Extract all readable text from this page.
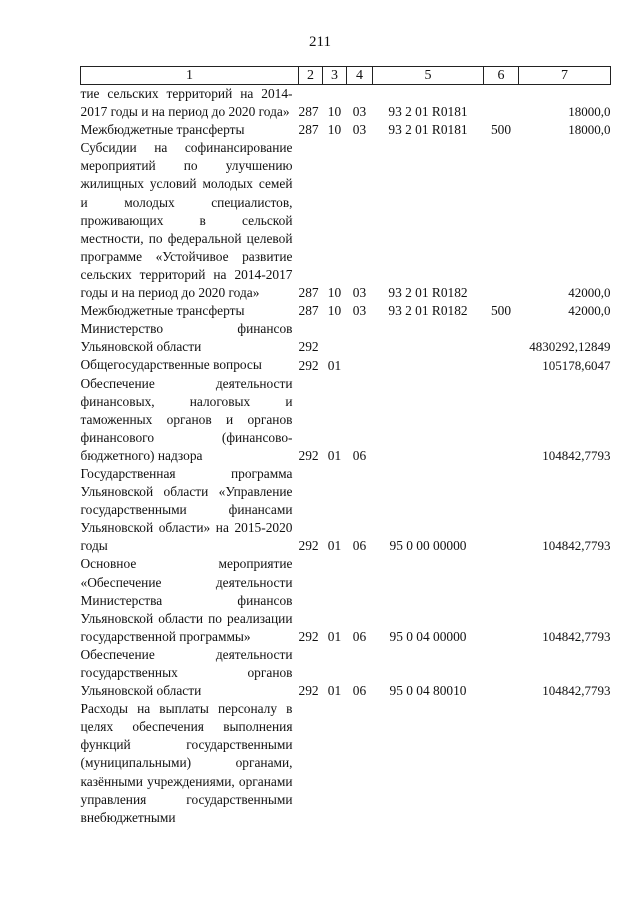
211
1	2	3	4	5	6	7
тие сельских территорий на 2014-2017 годы и на период до 2020 года»	287	10	03	93 2 01 R0181		18000,0
Межбюджетные трансферты	287	10	03	93 2 01 R0181	500	18000,0
Субсидии на софинансирование мероприятий по улучшению жилищных условий молодых семей и молодых специалистов, проживающих в сельской местности, по федеральной целевой программе «Устойчивое развитие сельских территорий на 2014-2017 годы и на период до 2020 года»	287	10	03	93 2 01 R0182		42000,0
Межбюджетные трансферты	287	10	03	93 2 01 R0182	500	42000,0
Министерство финансов Ульяновской области	292					4830292,12849
Общегосударственные вопросы	292	01				105178,6047
Обеспечение деятельности финансовых, налоговых и таможенных органов и органов финансового (финансово-бюджетного) надзора	292	01	06			104842,7793
Государственная программа Ульяновской области «Управление государственными финансами Ульяновской области» на 2015-2020 годы	292	01	06	95 0 00 00000		104842,7793
Основное мероприятие «Обеспечение деятельности Министерства финансов Ульяновской области по реализации государственной программы»	292	01	06	95 0 04 00000		104842,7793
Обеспечение деятельности государственных органов Ульяновской области	292	01	06	95 0 04 80010		104842,7793
Расходы на выплаты персоналу в целях обеспечения выполнения функций государственными (муниципальными) органами, казёнными учреждениями, органами управления государственными внебюджетными						
